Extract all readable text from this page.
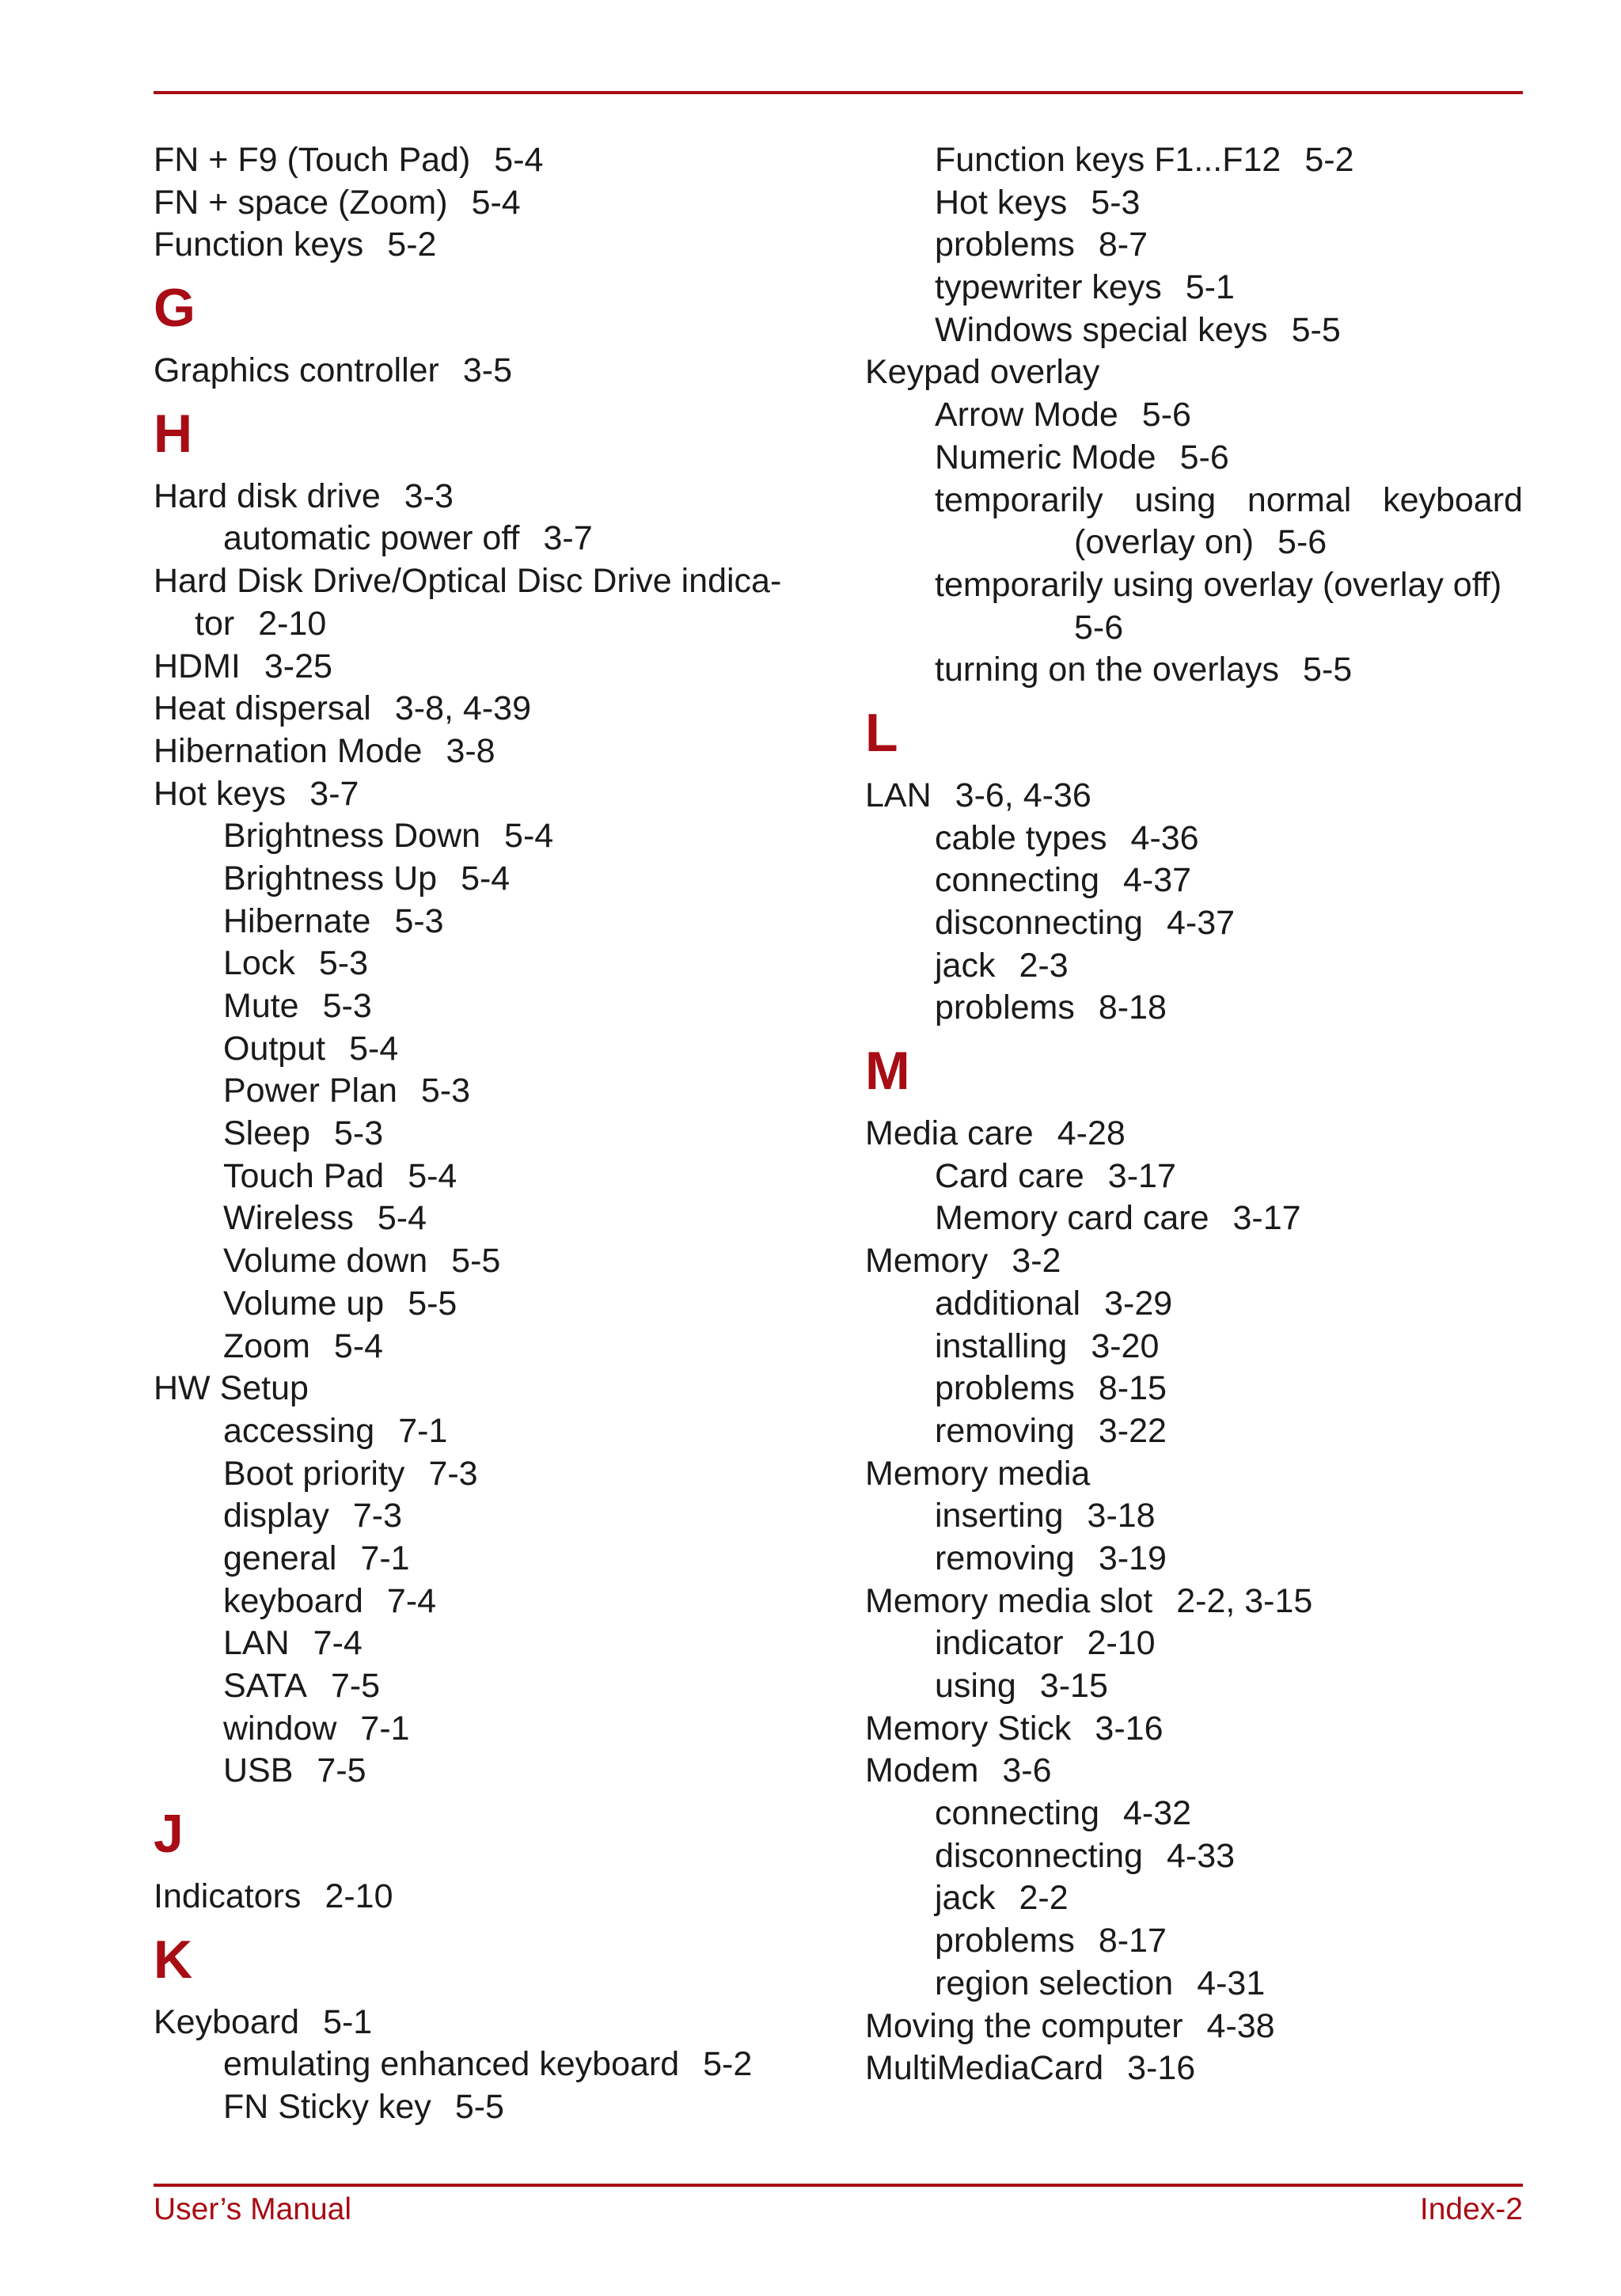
FN + F9 (Touch Pad) 5-4
FN + space (Zoom) 5-4
Function keys 5-2
G
Graphics controller 3-5
H
Hard disk drive 3-3
automatic power off 3-7
Hard Disk Drive/Optical Disc Drive indica-
tor 2-10
HDMI 3-25
Heat dispersal 3-8, 4-39
Hibernation Mode 3-8
Hot keys 3-7
Brightness Down 5-4
Brightness Up 5-4
Hibernate 5-3
Lock 5-3
Mute 5-3
Output 5-4
Power Plan 5-3
Sleep 5-3
Touch Pad 5-4
Wireless 5-4
Volume down 5-5
Volume up 5-5
Zoom 5-4
HW Setup
accessing 7-1
Boot priority 7-3
display 7-3
general 7-1
keyboard 7-4
LAN 7-4
SATA 7-5
window 7-1
USB 7-5
J
Indicators 2-10
K
Keyboard 5-1
emulating enhanced keyboard 5-2
FN Sticky key 5-5
Function keys F1...F12 5-2
Hot keys 5-3
problems 8-7
typewriter keys 5-1
Windows special keys 5-5
Keypad overlay
Arrow Mode 5-6
Numeric Mode 5-6
temporarily using normal keyboard
(overlay on) 5-6
temporarily using overlay (overlay off)
5-6
turning on the overlays 5-5
L
LAN 3-6, 4-36
cable types 4-36
connecting 4-37
disconnecting 4-37
jack 2-3
problems 8-18
M
Media care 4-28
Card care 3-17
Memory card care 3-17
Memory 3-2
additional 3-29
installing 3-20
problems 8-15
removing 3-22
Memory media
inserting 3-18
removing 3-19
Memory media slot 2-2, 3-15
indicator 2-10
using 3-15
Memory Stick 3-16
Modem 3-6
connecting 4-32
disconnecting 4-33
jack 2-2
problems 8-17
region selection 4-31
Moving the computer 4-38
MultiMediaCard 3-16
User’s Manual	Index-2
